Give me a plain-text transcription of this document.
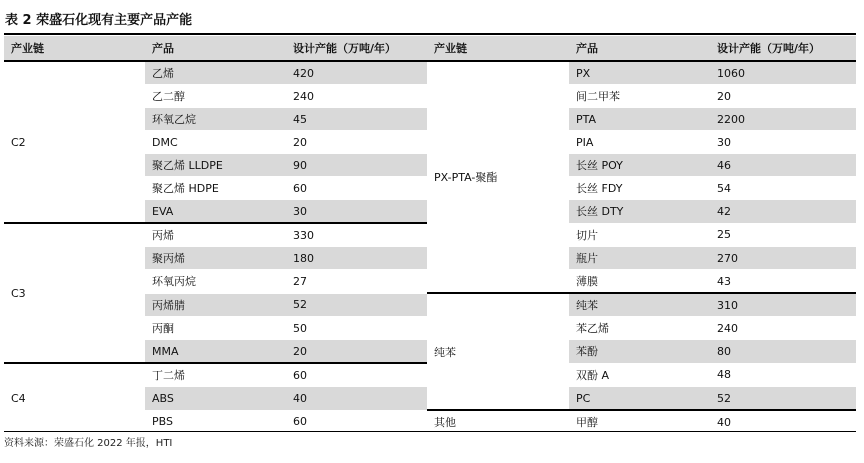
表 2 荣盛石化现有主要产品产能
产业链	产品	设计产能（万吨/年）	产业链	产品	设计产能（万吨/年）
C2	乙烯	420	PX-PTA-聚酯	PX	1060
	乙二醇	240		间二甲苯	20
	环氧乙烷	45		PTA	2200
	DMC	20		PIA	30
	聚乙烯 LLDPE	90		长丝 POY	46
	聚乙烯 HDPE	60		长丝 FDY	54
	EVA	30		长丝 DTY	42
C3	丙烯	330		切片	25
	聚丙烯	180		瓶片	270
	环氧丙烷	27		薄膜	43
	丙烯腈	52	纯苯	纯苯	310
	丙酮	50		苯乙烯	240
	MMA	20		苯酚	80
C4	丁二烯	60		双酚 A	48
	ABS	40		PC	52
	PBS	60	其他	甲醇	40
资料来源：荣盛石化 2022 年报，HTI
